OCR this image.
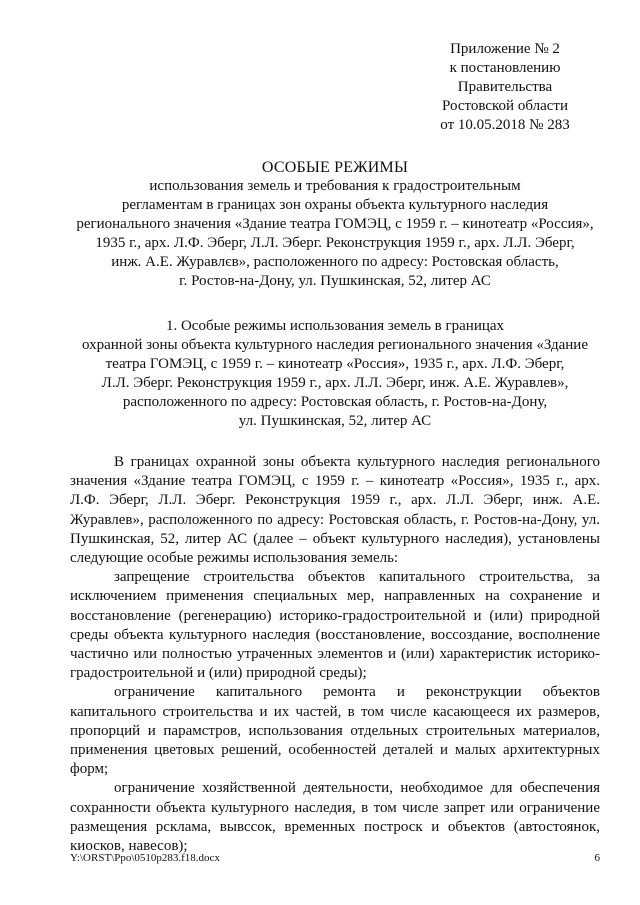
Приложение № 2
к постановлению
Правительства
Ростовской области
от 10.05.2018 № 283
ОСОБЫЕ РЕЖИМЫ
использования земель и требования к градостроительным
регламентам в границах зон охраны объекта культурного наследия
регионального значения «Здание театра ГОМЭЦ, с 1959 г. – кинотеатр «Россия»,
1935 г., арх. Л.Ф. Эберг, Л.Л. Эберг. Реконструкция 1959 г., арх. Л.Л. Эберг,
инж. А.Е. Журавлєв», расположенного по адресу: Ростовская область,
г. Ростов-на-Дону, ул. Пушкинская, 52, литер АС
1. Особые режимы использования земель в границах
охранной зоны объекта культурного наследия регионального значения «Здание
театра ГОМЭЦ, с 1959 г. – кинотеатр «Россия», 1935 г., арх. Л.Ф. Эберг,
Л.Л. Эберг. Реконструкция 1959 г., арх. Л.Л. Эберг, инж. А.Е. Журавлев»,
расположенного по адресу: Ростовская область, г. Ростов-на-Дону,
ул. Пушкинская, 52, литер АС

В границах охранной зоны объекта культурного наследия регионального значения «Здание театра ГОМЭЦ, с 1959 г. – кинотеатр «Россия», 1935 г., арх. Л.Ф. Эберг, Л.Л. Эберг. Реконструкция 1959 г., арх. Л.Л. Эберг, инж. А.Е. Журавлев», расположенного по адресу: Ростовская область, г. Ростов-на-Дону, ул. Пушкинская, 52, литер АС (далее – объект культурного наследия), установлены следующие особые режимы использования земель:

запрещение строительства объектов капитального строительства, за исключением применения специальных мер, направленных на сохранение и восстановление (регенерацию) историко-градостроительной и (или) природной среды объекта культурного наследия (восстановление, воссоздание, восполнение частично или полностью утраченных элементов и (или) характеристик историко-градостроительной и (или) природной среды);

ограничение капитального ремонта и реконструкции объектов капитального строительства и их частей, в том числе касающееся их размеров, пропорций и парамстров, использования отдельных строительных материалов, применения цветовых решений, особенностей деталей и малых архитектурных форм;

ограничение хозяйственной деятельности, необходимое для обеспечения сохранности объекта культурного наследия, в том числе запрет или ограничение размещения рсклама, вывссок, временных построск и объектов (автостоянок, киосков, навесов);

Y:\ORST\Ppo\0510p283.f18.docx	6
